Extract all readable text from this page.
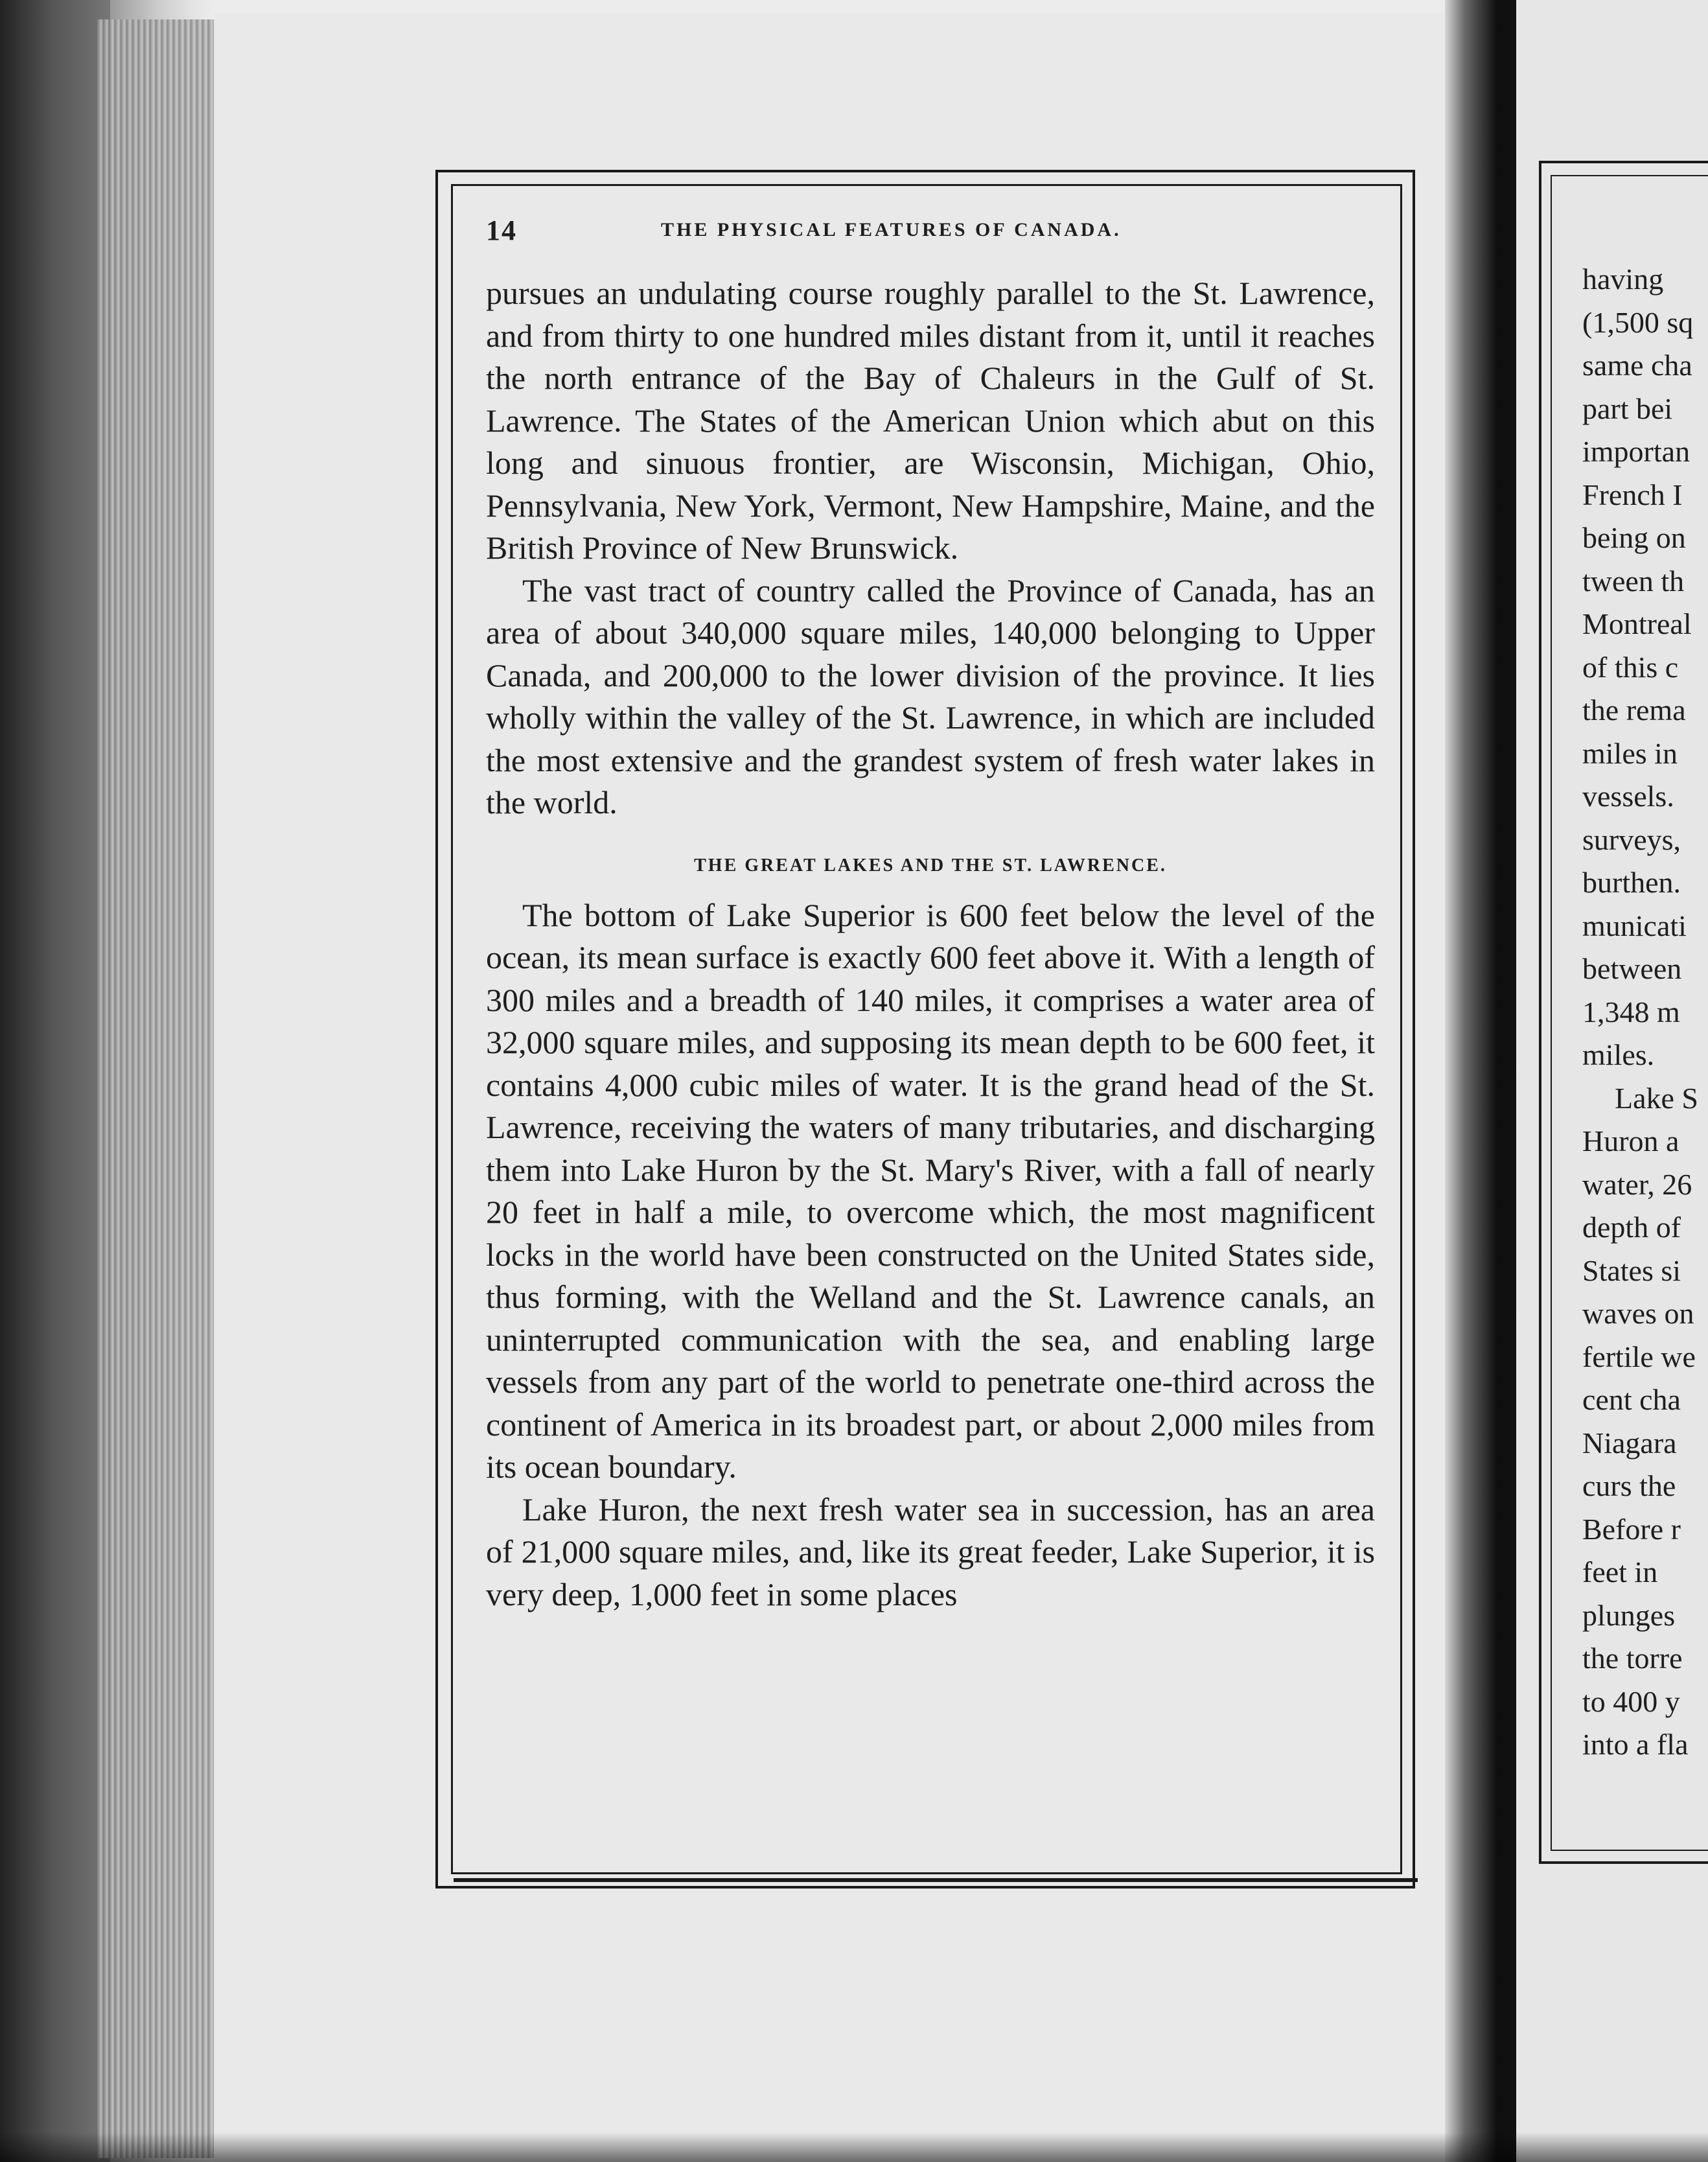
14	THE PHYSICAL FEATURES OF CANADA.

pursues an undulating course roughly parallel to the St. Lawrence, and from thirty to one hundred miles distant from it, until it reaches the north entrance of the Bay of Chaleurs in the Gulf of St. Lawrence. The States of the American Union which abut on this long and sinuous frontier, are Wisconsin, Michigan, Ohio, Pennsylvania, New York, Vermont, New Hampshire, Maine, and the British Province of New Brunswick.

The vast tract of country called the Province of Canada, has an area of about 340,000 square miles, 140,000 belonging to Upper Canada, and 200,000 to the lower division of the province. It lies wholly within the valley of the St. Lawrence, in which are included the most extensive and the grandest system of fresh water lakes in the world.

THE GREAT LAKES AND THE ST. LAWRENCE.

The bottom of Lake Superior is 600 feet below the level of the ocean, its mean surface is exactly 600 feet above it. With a length of 300 miles and a breadth of 140 miles, it comprises a water area of 32,000 square miles, and supposing its mean depth to be 600 feet, it contains 4,000 cubic miles of water. It is the grand head of the St. Lawrence, receiving the waters of many tributaries, and discharging them into Lake Huron by the St. Mary's River, with a fall of nearly 20 feet in half a mile, to overcome which, the most magnificent locks in the world have been constructed on the United States side, thus forming, with the Welland and the St. Lawrence canals, an uninterrupted communication with the sea, and enabling large vessels from any part of the world to penetrate one-third across the continent of America in its broadest part, or about 2,000 miles from its ocean boundary.

Lake Huron, the next fresh water sea in succession, has an area of 21,000 square miles, and, like its great feeder, Lake Superior, it is very deep, 1,000 feet in some places

having
(1,500 sq
same cha
part bei
importan
French I
being on
tween th
Montreal
of this c
the rema
miles in
vessels.
surveys,
burthen.
municati
between
1,348 m
miles.
Lake S
Huron a
water, 26
depth of
States si
waves on
fertile we
cent cha
Niagara
curs the
Before r
feet in
plunges
the torre
to 400 y
into a fla
